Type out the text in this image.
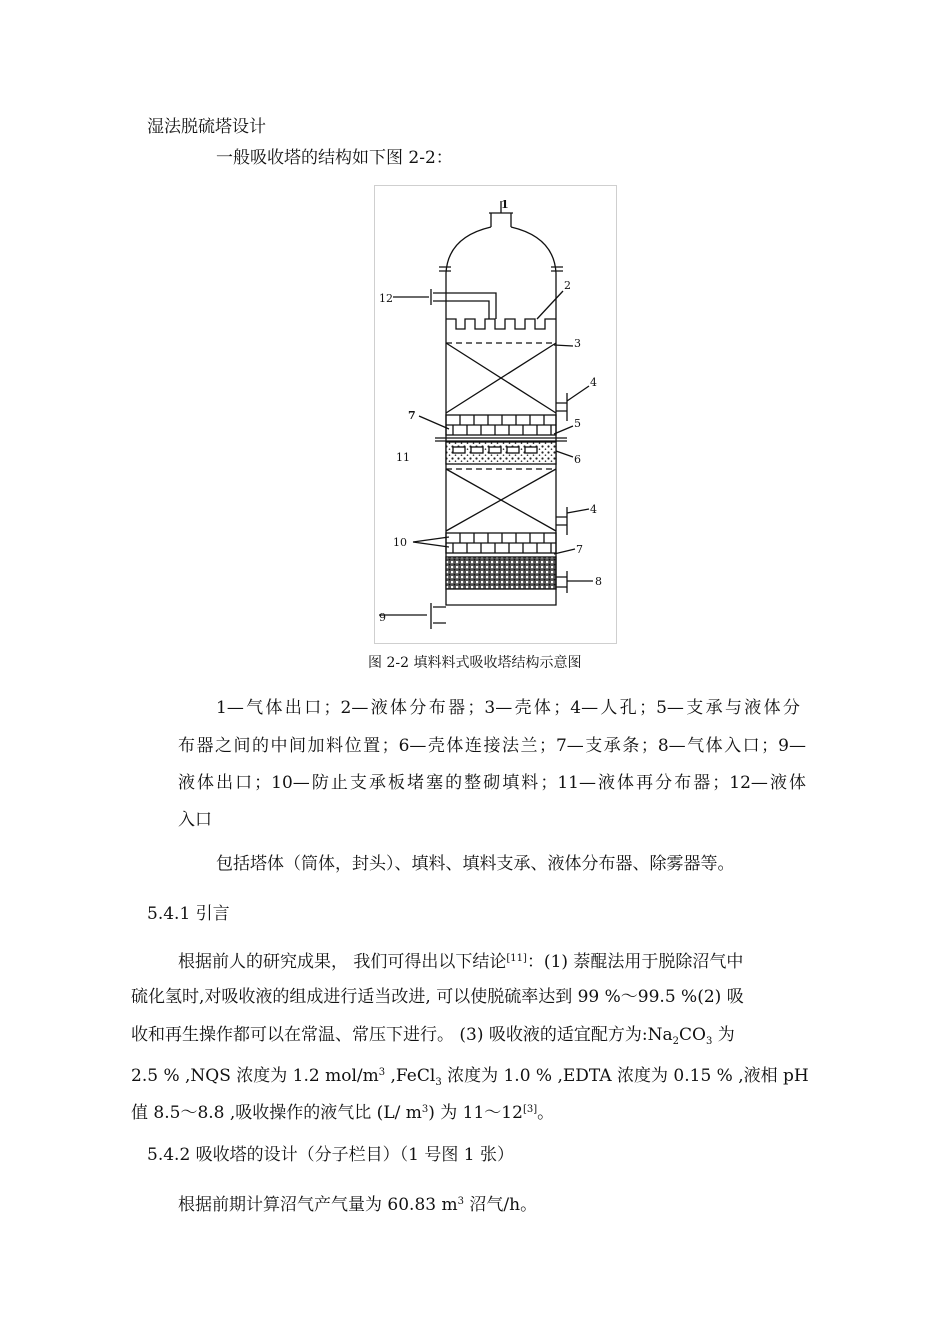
湿法脱硫塔设计
一般吸收塔的结构如下图 2-2：
1
2
3
4
5
6
7
8
9
10
11
12
4
7
图 2-2 填料料式吸收塔结构示意图
1—气体出口；2—液体分布器；3—壳体；4—人孔；5—支承与液体分
布器之间的中间加料位置；6—壳体连接法兰；7—支承条；8—气体入口；9—
液体出口；10—防止支承板堵塞的整砌填料；11—液体再分布器；12—液体
入口
包括塔体（筒体，封头）、填料、填料支承、液体分布器、除雾器等。
5.4.1 引言
根据前人的研究成果， 我们可得出以下结论[11]：(1) 萘醌法用于脱除沼气中
硫化氢时,对吸收液的组成进行适当改进, 可以使脱硫率达到 99 %～99.5 %(2) 吸
收和再生操作都可以在常温、常压下进行。 (3) 吸收液的适宜配方为$:Na_2CO_3$ 为
2.5 % ,NQS 浓度为 1.2 mol/$m^3$ ,FeCl$_3$ 浓度为 1.0 % ,EDTA 浓度为 0.15 % ,液相 pH
值 8.5～8.8 ,吸收操作的液气比 (L/ $m^3$) 为 11～12[3]。
5.4.2 吸收塔的设计（分子栏目）（1 号图 1 张）
根据前期计算沼气产气量为 60.83 $m^3$ 沼气/h。
